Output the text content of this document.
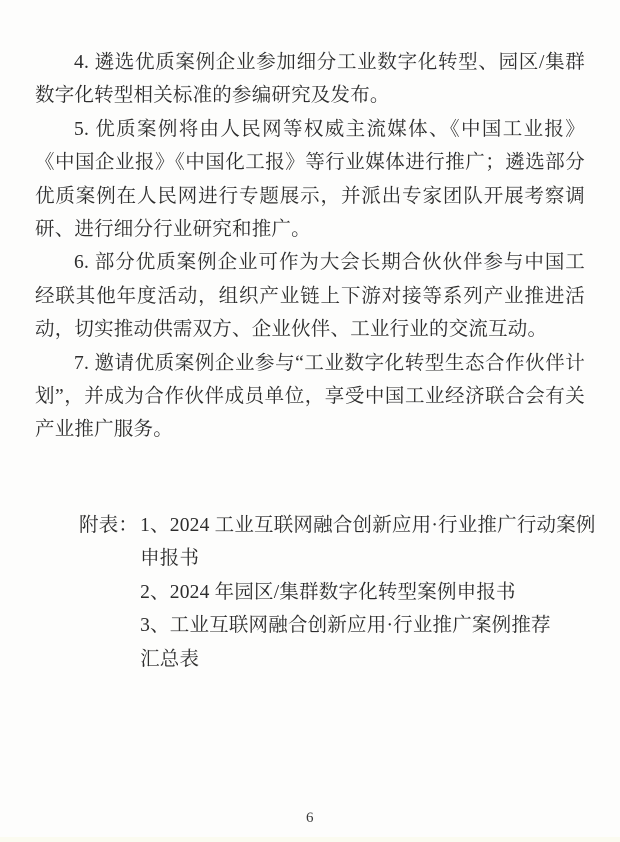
4. 遴选优质案例企业参加细分工业数字化转型、园区/集群数字化转型相关标准的参编研究及发布。

5. 优质案例将由人民网等权威主流媒体、《中国工业报》《中国企业报》《中国化工报》等行业媒体进行推广；遴选部分优质案例在人民网进行专题展示，并派出专家团队开展考察调研、进行细分行业研究和推广。

6. 部分优质案例企业可作为大会长期合伙伙伴参与中国工经联其他年度活动，组织产业链上下游对接等系列产业推进活动，切实推动供需双方、企业伙伴、工业行业的交流互动。

7. 邀请优质案例企业参与“工业数字化转型生态合作伙伴计划”，并成为合作伙伴成员单位，享受中国工业经济联合会有关产业推广服务。

附表： 1、2024 工业互联网融合创新应用·行业推广行动案例
申报书
2、2024 年园区/集群数字化转型案例申报书
3、工业互联网融合创新应用·行业推广案例推荐
汇总表
6
